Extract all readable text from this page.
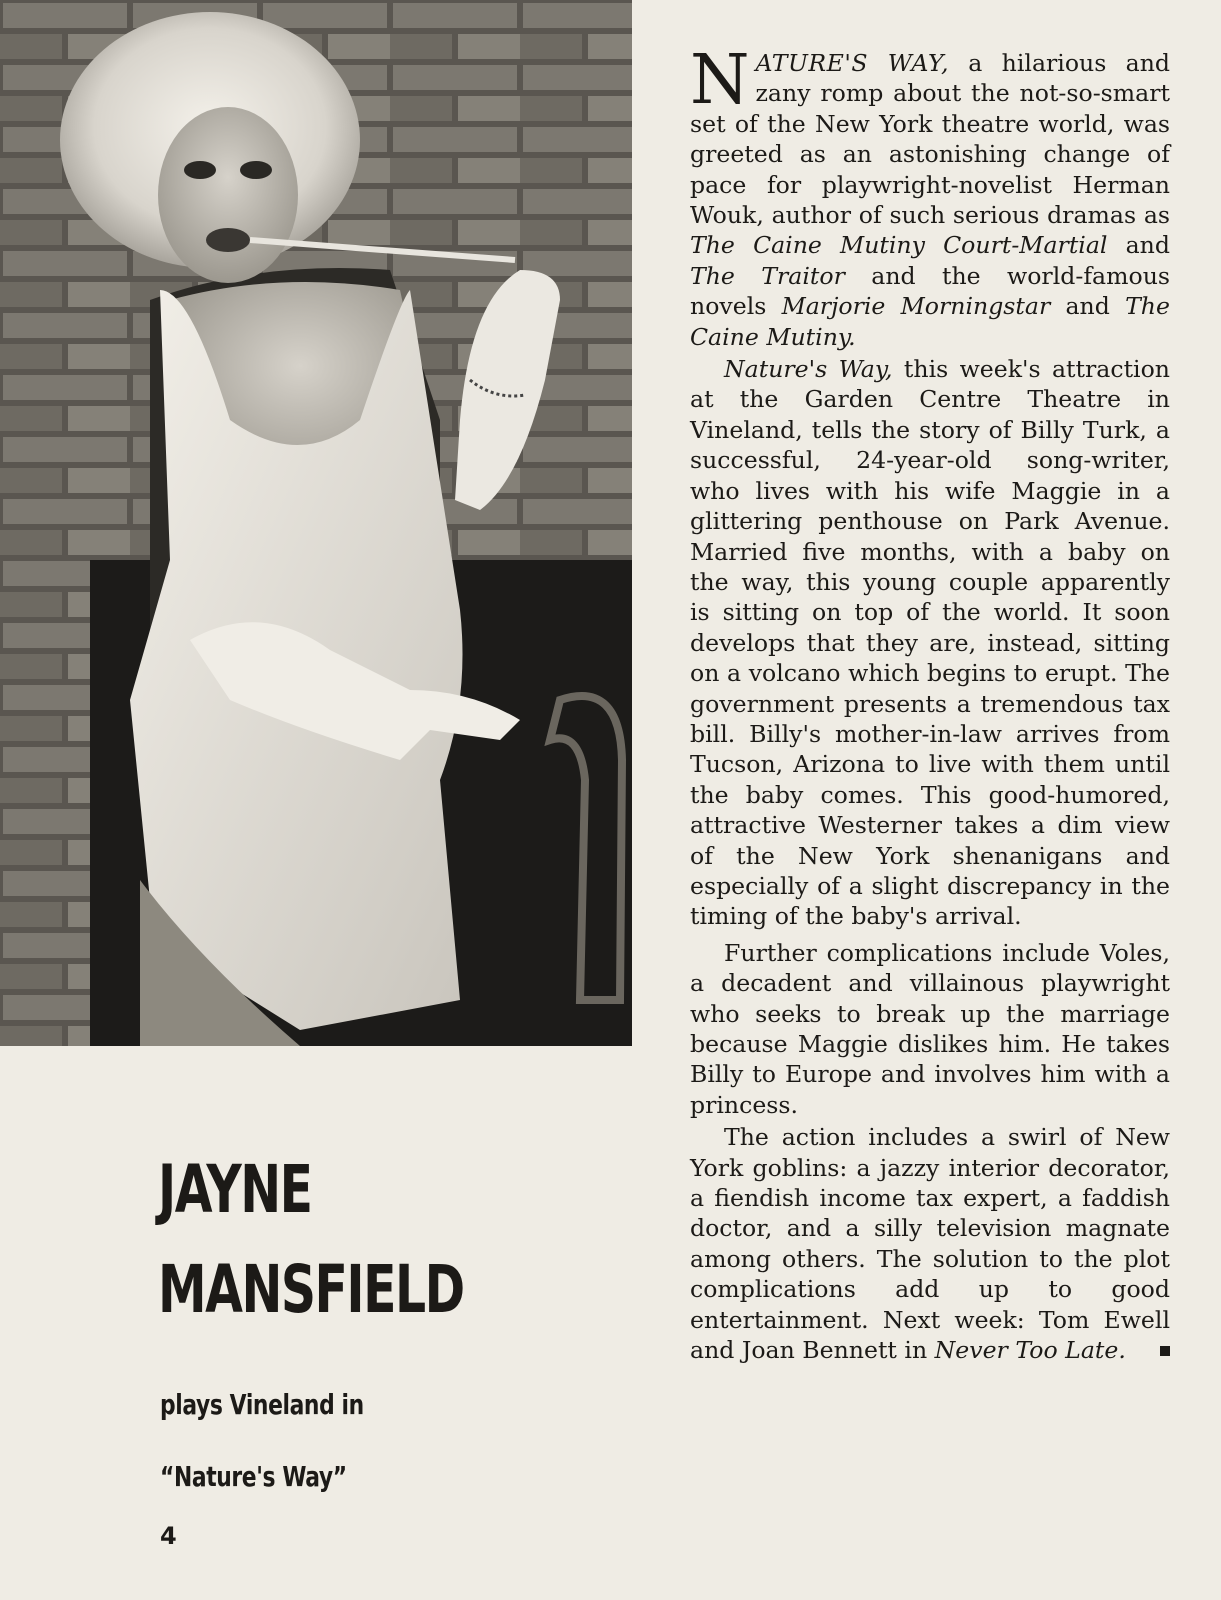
NATURE'S WAY, a hilarious and zany romp about the not-so-smart set of the New York theatre world, was greeted as an astonishing change of pace for playwright-novelist Herman Wouk, author of such serious dramas as The Caine Mutiny Court-Martial and The Traitor and the world-famous novels Marjorie Morningstar and The Caine Mutiny.

Nature's Way, this week's attraction at the Garden Centre Theatre in Vineland, tells the story of Billy Turk, a successful, 24-year-old song-writer, who lives with his wife Maggie in a glittering penthouse on Park Avenue. Married five months, with a baby on the way, this young couple apparently is sitting on top of the world. It soon develops that they are, instead, sitting on a volcano which begins to erupt. The government presents a tremendous tax bill. Billy's mother-in-law arrives from Tucson, Arizona to live with them until the baby comes. This good-humored, attractive Westerner takes a dim view of the New York shenanigans and especially of a slight discrepancy in the timing of the baby's arrival.

Further complications include Voles, a decadent and villainous playwright who seeks to break up the marriage because Maggie dislikes him. He takes Billy to Europe and involves him with a princess.

The action includes a swirl of New York goblins: a jazzy interior decorator, a fiendish income tax expert, a faddish doctor, and a silly television magnate among others. The solution to the plot complications add up to good entertainment. Next week: Tom Ewell and Joan Bennett in Never Too Late.

JAYNE
MANSFIELD

plays Vineland in

“Nature's Way”

4
